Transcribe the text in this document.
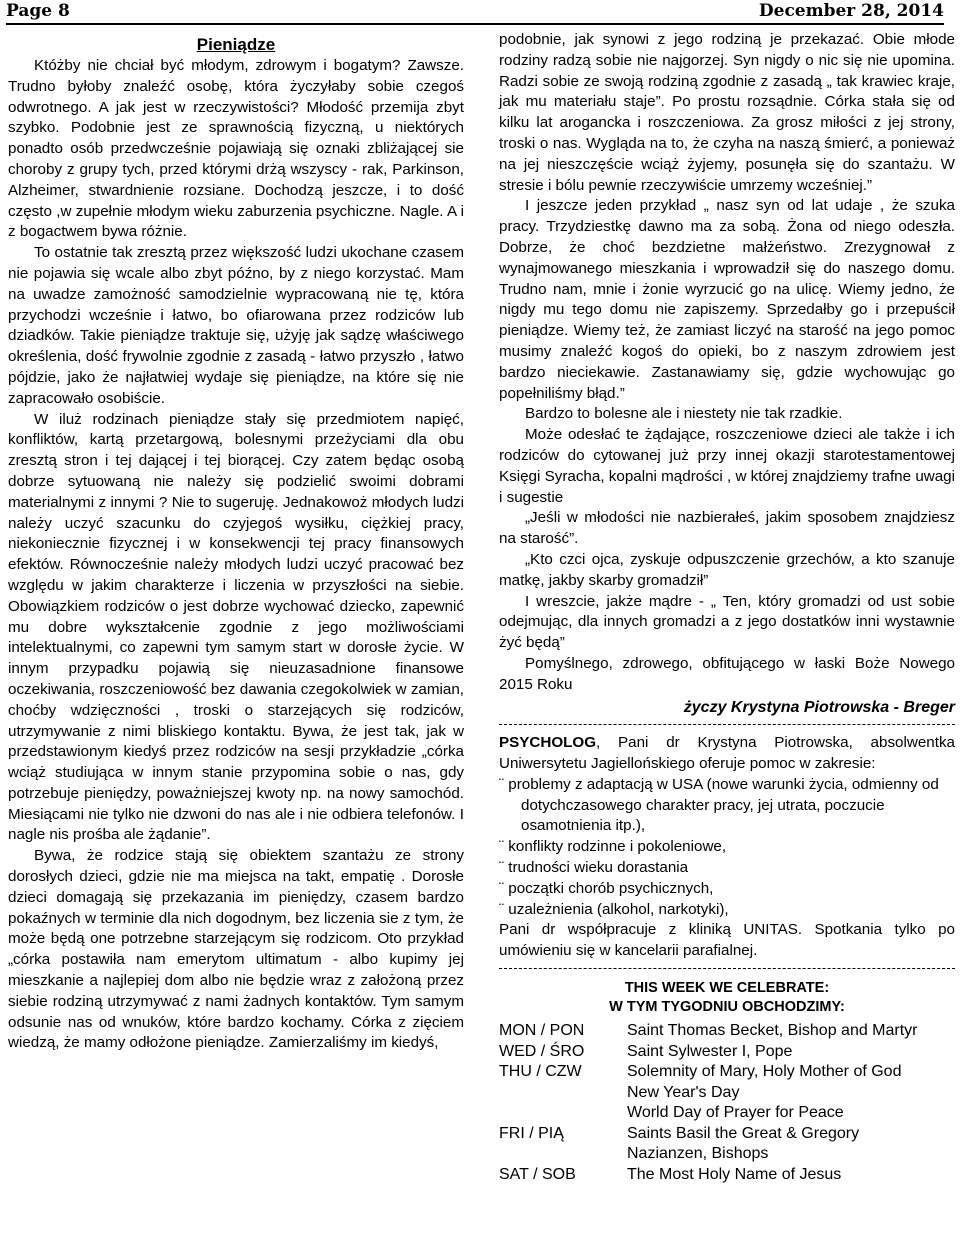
Page 8	December 28, 2014
Pieniądze

Któżby nie chciał być młodym, zdrowym i bogatym? Zawsze. Trudno byłoby znaleźć osobę, która życzyłaby sobie czegoś odwrotnego. A jak jest w rzeczywistości? Młodość przemija zbyt szybko. Podobnie jest ze sprawnością fizyczną, u niektórych ponadto osób przedwcześnie pojawiają się oznaki zbliżającej sie choroby z grupy tych, przed którymi drżą wszyscy - rak, Parkinson, Alzheimer, stwardnienie rozsiane. Dochodzą jeszcze, i to dość często ,w zupełnie młodym wieku zaburzenia psychiczne. Nagle. A i z bogactwem bywa różnie.

To ostatnie tak zresztą przez większość ludzi ukochane czasem nie pojawia się wcale albo zbyt późno, by z niego korzystać. Mam na uwadze zamożność samodzielnie wypracowaną nie tę, która przychodzi wcześnie i łatwo, bo ofiarowana przez rodziców lub dziadków. Takie pieniądze traktuje się, użyję jak sądzę właściwego określenia, dość frywolnie zgodnie z zasadą - łatwo przyszło , łatwo pójdzie, jako że najłatwiej wydaje się pieniądze, na które się nie zapracowało osobiście.

W iluż rodzinach pieniądze stały się przedmiotem napięć, konfliktów, kartą przetargową, bolesnymi przeżyciami dla obu zresztą stron i tej dającej i tej biorącej. Czy zatem będąc osobą dobrze sytuowaną nie należy się podzielić swoimi dobrami materialnymi z innymi ? Nie to sugeruję. Jednakowoż młodych ludzi należy uczyć szacunku do czyjegoś wysiłku, ciężkiej pracy, niekoniecznie fizycznej i w konsekwencji tej pracy finansowych efektów. Równocześnie należy młodych ludzi uczyć pracować bez względu w jakim charakterze i liczenia w przyszłości na siebie. Obowiązkiem rodziców o jest dobrze wychować dziecko, zapewnić mu dobre wykształcenie zgodnie z jego możliwościami intelektualnymi, co zapewni tym samym start w dorosłe życie. W innym przypadku pojawią się nieuzasadnione finansowe oczekiwania, roszczeniowość bez dawania czegokolwiek w zamian, choćby wdzięczności , troski o starzejących się rodziców, utrzymywanie z nimi bliskiego kontaktu. Bywa, że jest tak, jak w przedstawionym kiedyś przez rodziców na sesji przykładzie „córka wciąż studiująca w innym stanie przypomina sobie o nas, gdy potrzebuje pieniędzy, poważniejszej kwoty np. na nowy samochód. Miesiącami nie tylko nie dzwoni do nas ale i nie odbiera telefonów. I nagle nis prośba ale żądanie”.

Bywa, że rodzice stają się obiektem szantażu ze strony dorosłych dzieci, gdzie nie ma miejsca na takt, empatię . Dorosłe dzieci domagają się przekazania im pieniędzy, czasem bardzo pokaźnych w terminie dla nich dogodnym, bez liczenia sie z tym, że może będą one potrzebne starzejącym się rodzicom. Oto przykład „córka postawiła nam emerytom ultimatum - albo kupimy jej mieszkanie a najlepiej dom albo nie będzie wraz z założoną przez siebie rodziną utrzymywać z nami żadnych kontaktów. Tym samym odsunie nas od wnuków, które bardzo kochamy. Córka z zięciem wiedzą, że mamy odłożone pieniądze. Zamierzaliśmy im kiedyś,

podobnie, jak synowi z jego rodziną je przekazać. Obie młode rodziny radzą sobie nie najgorzej. Syn nigdy o nic się nie upomina. Radzi sobie ze swoją rodziną zgodnie z zasadą „ tak krawiec kraje, jak mu materiału staje”. Po prostu rozsądnie. Córka stała się od kilku lat arogancka i roszczeniowa. Za grosz miłości z jej strony, troski o nas. Wygląda na to, że czyha na naszą śmierć, a ponieważ na jej nieszczęście wciąż żyjemy, posunęła się do szantażu. W stresie i bólu pewnie rzeczywiście umrzemy wcześniej.”

I jeszcze jeden przykład „ nasz syn od lat udaje , że szuka pracy. Trzydziestkę dawno ma za sobą. Żona od niego odeszła. Dobrze, że choć bezdzietne małżeństwo. Zrezygnował z wynajmowanego mieszkania i wprowadził się do naszego domu. Trudno nam, mnie i żonie wyrzucić go na ulicę. Wiemy jedno, że nigdy mu tego domu nie zapiszemy. Sprzedałby go i przepuścił pieniądze. Wiemy też, że zamiast liczyć na starość na jego pomoc musimy znaleźć kogoś do opieki, bo z naszym zdrowiem jest bardzo nieciekawie. Zastanawiamy się, gdzie wychowując go popełniliśmy błąd.”

Bardzo to bolesne ale i niestety nie tak rzadkie.

Może odesłać te żądające, roszczeniowe dzieci ale także i ich rodziców do cytowanej już przy innej okazji starotestamentowej Księgi Syracha, kopalni mądrości , w której znajdziemy trafne uwagi i sugestie

„Jeśli w młodości nie nazbierałeś, jakim sposobem znajdziesz na starość”.

„Kto czci ojca, zyskuje odpuszczenie grzechów, a kto szanuje matkę, jakby skarby gromadził”

I wreszcie, jakże mądre - „ Ten, który gromadzi od ust sobie odejmując, dla innych gromadzi a z jego dostatków inni wystawnie żyć będą”

Pomyślnego, zdrowego, obfitującego w łaski Boże Nowego 2015 Roku

życzy Krystyna Piotrowska - Breger

PSYCHOLOG, Pani dr Krystyna Piotrowska, absolwentka Uniwersytetu Jagiellońskiego oferuje pomoc w zakresie:

¨ problemy z adaptacją w USA (nowe warunki życia, odmienny od dotychczasowego charakter pracy, jej utrata, poczucie osamotnienia itp.),
¨ konflikty rodzinne i pokoleniowe,
¨ trudności wieku dorastania
¨ początki chorób psychicznych,
¨ uzależnienia (alkohol, narkotyki),

Pani dr współpracuje z kliniką UNITAS. Spotkania tylko po umówieniu się w kancelarii parafialnej.

THIS WEEK WE CELEBRATE:
W TYM TYGODNIU OBCHODZIMY:
MON / PON	Saint Thomas Becket, Bishop and Martyr

WED / ŚRO	Saint Sylwester I, Pope

THU / CZW	Solemnity of Mary, Holy Mother of God
New Year's Day
World Day of Prayer for Peace

FRI / PIĄ	Saints Basil the Great & Gregory
Nazianzen, Bishops

SAT / SOB	The Most Holy Name of Jesus
